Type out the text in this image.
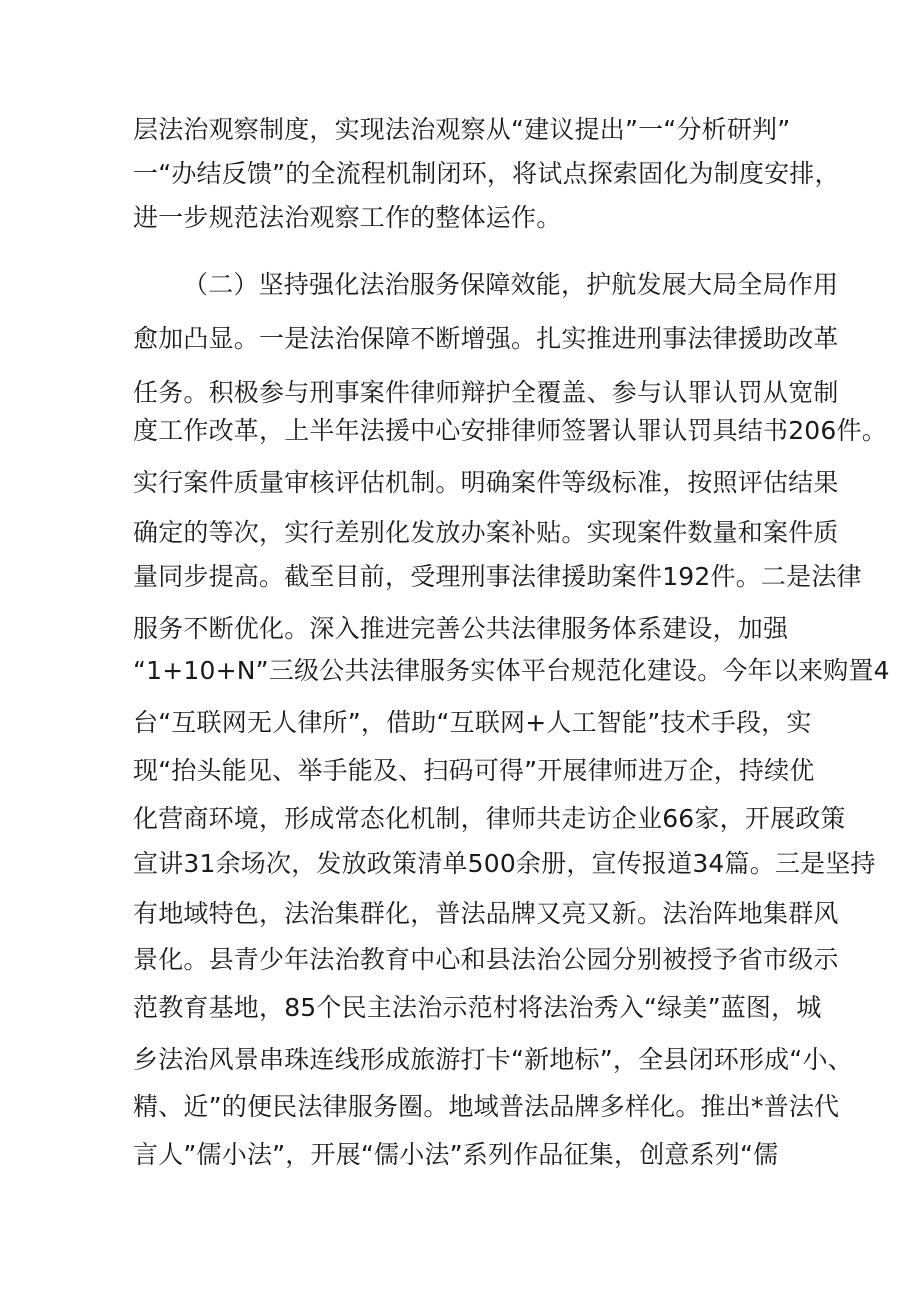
层法治观察制度，实现法治观察从“建议提出”一“分析研判”
一“办结反馈”的全流程机制闭环，将试点探索固化为制度安排，
进一步规范法治观察工作的整体运作。
（二）坚持强化法治服务保障效能，护航发展大局全局作用
愈加凸显。一是法治保障不断增强。扎实推进刑事法律援助改革
任务。积极参与刑事案件律师辩护全覆盖、参与认罪认罚从宽制
度工作改革，上半年法援中心安排律师签署认罪认罚具结书206件。
实行案件质量审核评估机制。明确案件等级标准，按照评估结果
确定的等次，实行差别化发放办案补贴。实现案件数量和案件质
量同步提高。截至目前，受理刑事法律援助案件192件。二是法律
服务不断优化。深入推进完善公共法律服务体系建设，加强
“1+10+N”三级公共法律服务实体平台规范化建设。今年以来购置4
台“互联网无人律所”，借助“互联网+人工智能”技术手段，实
现“抬头能见、举手能及、扫码可得”开展律师进万企，持续优
化营商环境，形成常态化机制，律师共走访企业66家，开展政策
宣讲31余场次，发放政策清单500余册，宣传报道34篇。三是坚持
有地域特色，法治集群化，普法品牌又亮又新。法治阵地集群风
景化。县青少年法治教育中心和县法治公园分别被授予省市级示
范教育基地，85个民主法治示范村将法治秀入“绿美”蓝图，城
乡法治风景串珠连线形成旅游打卡“新地标”，全县闭环形成“小、
精、近”的便民法律服务圈。地域普法品牌多样化。推出*普法代
言人”儒小法”，开展“儒小法”系列作品征集，创意系列“儒
